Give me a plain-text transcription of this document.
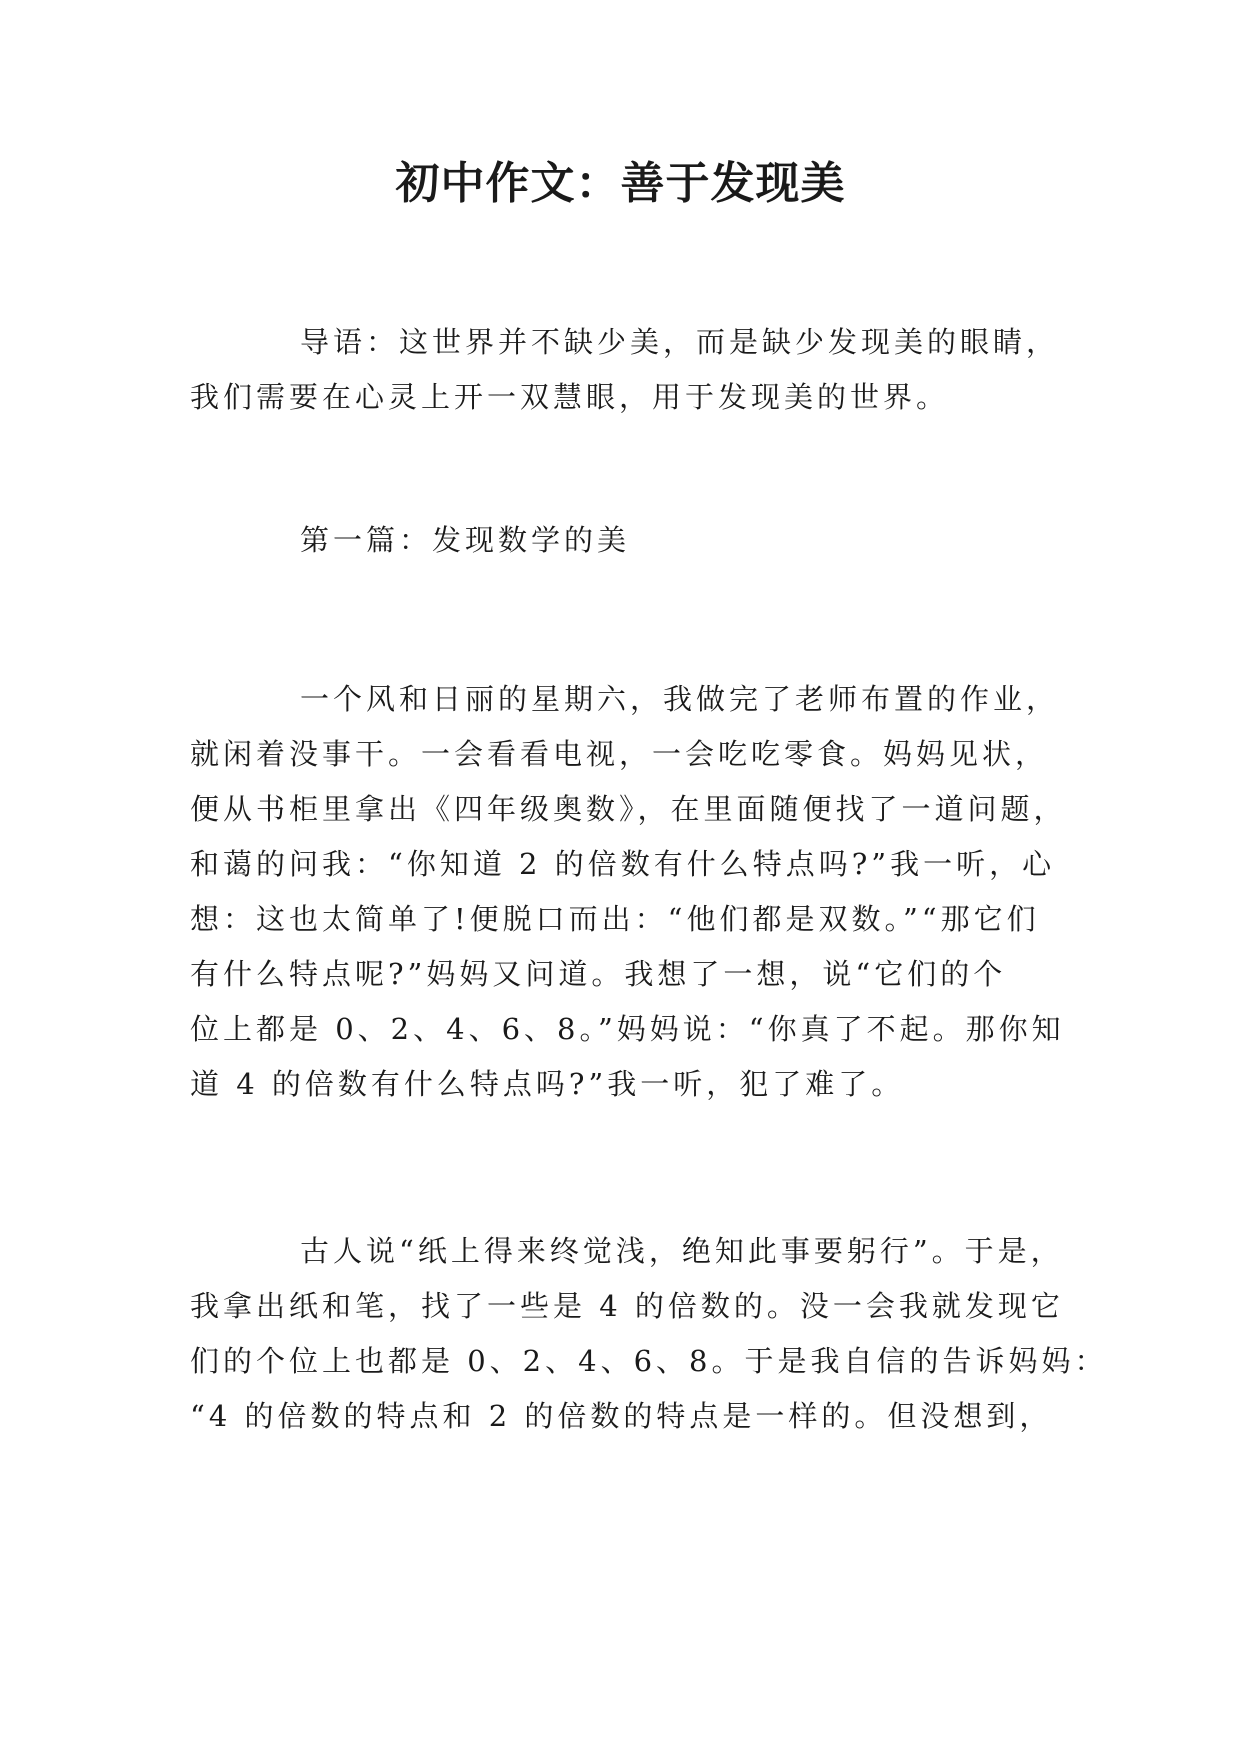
初中作文：善于发现美
导语：这世界并不缺少美，而是缺少发现美的眼睛，
我们需要在心灵上开一双慧眼，用于发现美的世界。
第一篇：发现数学的美
一个风和日丽的星期六，我做完了老师布置的作业，
就闲着没事干。一会看看电视，一会吃吃零食。妈妈见状，
便从书柜里拿出《四年级奥数》，在里面随便找了一道问题，
和蔼的问我：“你知道 2 的倍数有什么特点吗?”我一听，心
想：这也太简单了!便脱口而出：“他们都是双数。”“那它们
有什么特点呢?”妈妈又问道。我想了一想，说“它们的个
位上都是 0、2、4、6、8。”妈妈说：“你真了不起。那你知
道 4 的倍数有什么特点吗?”我一听，犯了难了。
古人说“纸上得来终觉浅，绝知此事要躬行”。于是，
我拿出纸和笔，找了一些是 4 的倍数的。没一会我就发现它
们的个位上也都是 0、2、4、6、8。于是我自信的告诉妈妈：
“4 的倍数的特点和 2 的倍数的特点是一样的。但没想到，
